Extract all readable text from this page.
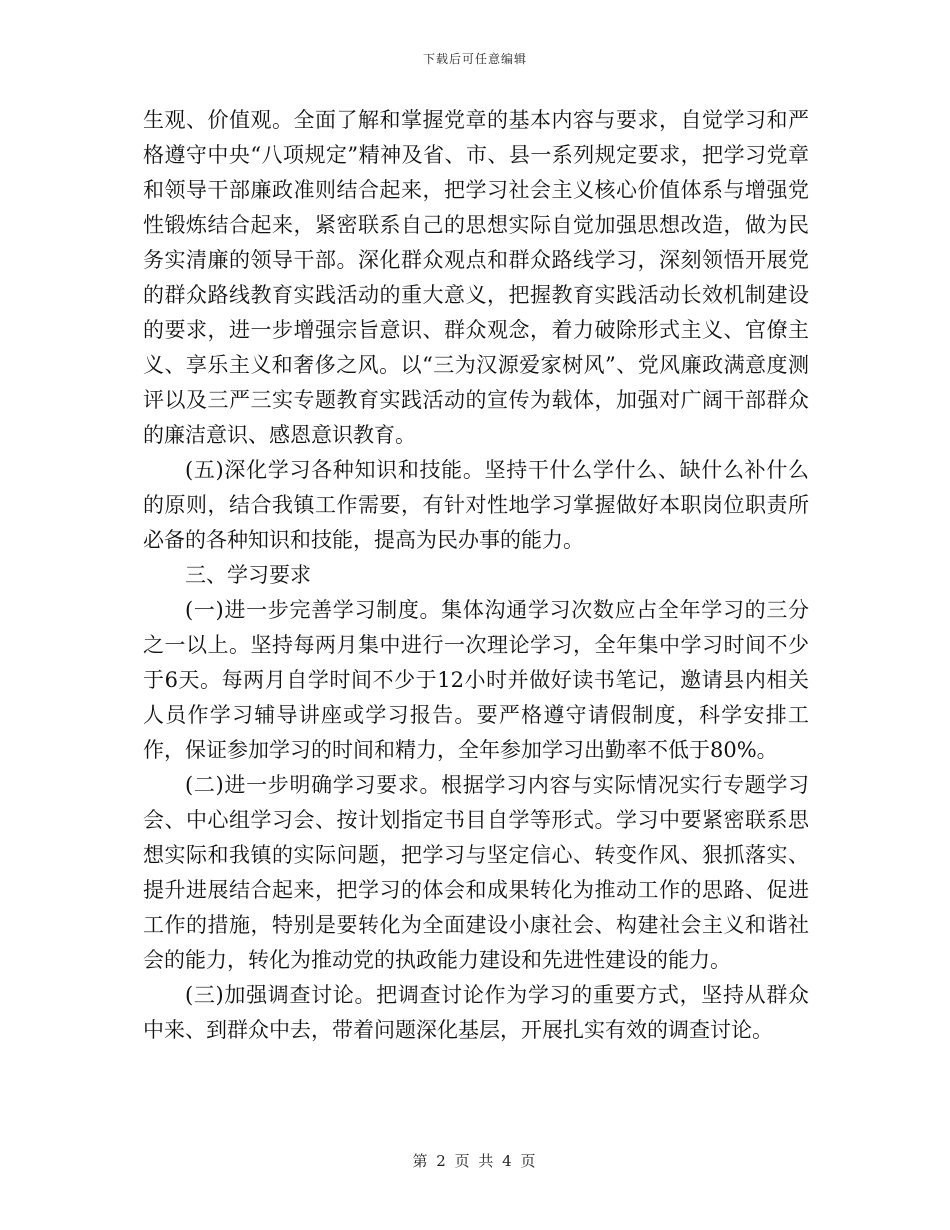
下载后可任意编辑

生观、价值观。全面了解和掌握党章的基本内容与要求，自觉学习和严格遵守中央“八项规定”精神及省、市、县一系列规定要求，把学习党章和领导干部廉政准则结合起来，把学习社会主义核心价值体系与增强党性锻炼结合起来，紧密联系自己的思想实际自觉加强思想改造，做为民务实清廉的领导干部。深化群众观点和群众路线学习，深刻领悟开展党的群众路线教育实践活动的重大意义，把握教育实践活动长效机制建设的要求，进一步增强宗旨意识、群众观念，着力破除形式主义、官僚主义、享乐主义和奢侈之风。以“三为汉源爱家树风”、党风廉政满意度测评以及三严三实专题教育实践活动的宣传为载体，加强对广阔干部群众的廉洁意识、感恩意识教育。

(五)深化学习各种知识和技能。坚持干什么学什么、缺什么补什么的原则，结合我镇工作需要，有针对性地学习掌握做好本职岗位职责所必备的各种知识和技能，提高为民办事的能力。

三、学习要求

(一)进一步完善学习制度。集体沟通学习次数应占全年学习的三分之一以上。坚持每两月集中进行一次理论学习，全年集中学习时间不少于6天。每两月自学时间不少于12小时并做好读书笔记，邀请县内相关人员作学习辅导讲座或学习报告。要严格遵守请假制度，科学安排工作，保证参加学习的时间和精力，全年参加学习出勤率不低于80%。

(二)进一步明确学习要求。根据学习内容与实际情况实行专题学习会、中心组学习会、按计划指定书目自学等形式。学习中要紧密联系思想实际和我镇的实际问题，把学习与坚定信心、转变作风、狠抓落实、提升进展结合起来，把学习的体会和成果转化为推动工作的思路、促进工作的措施，特别是要转化为全面建设小康社会、构建社会主义和谐社会的能力，转化为推动党的执政能力建设和先进性建设的能力。

(三)加强调查讨论。把调查讨论作为学习的重要方式，坚持从群众中来、到群众中去，带着问题深化基层，开展扎实有效的调查讨论。

第 2 页 共 4 页
